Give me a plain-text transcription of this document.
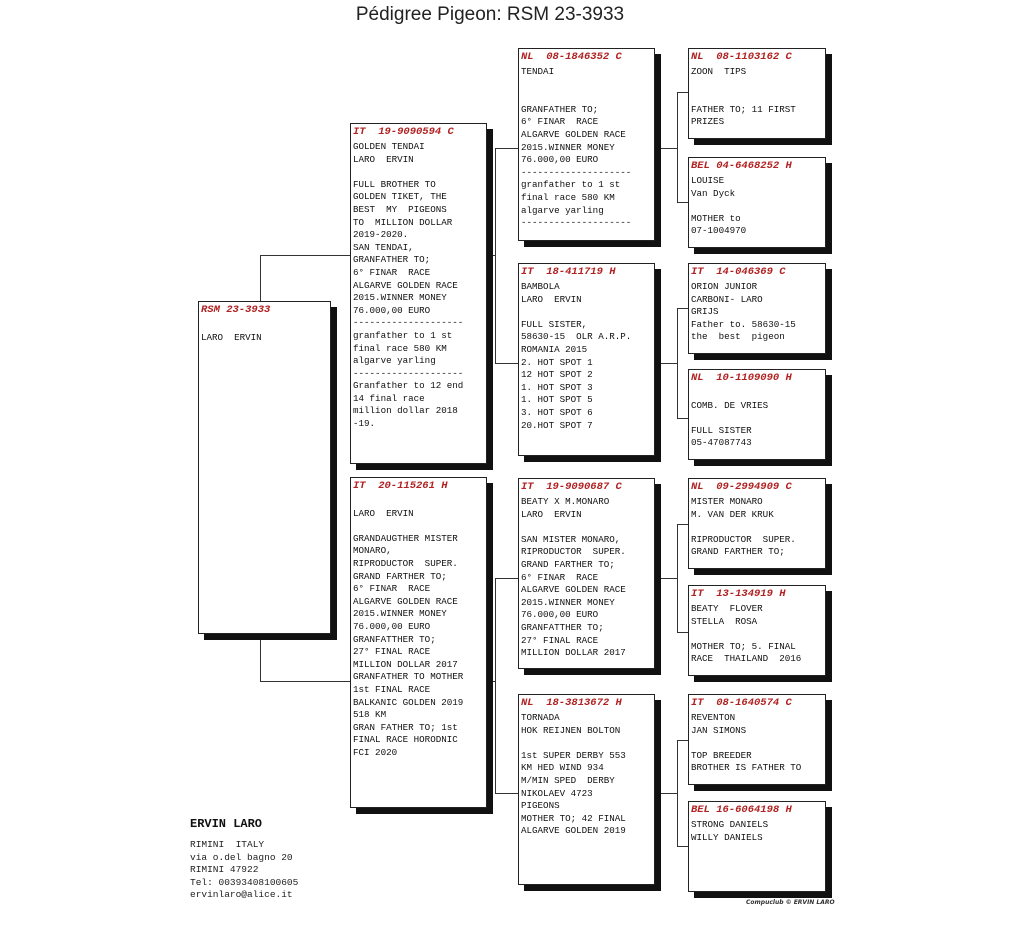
Pédigree Pigeon: RSM 23-3933
RSM 23-3933

LARO  ERVIN
IT  19-9090594 C
GOLDEN TENDAI
LARO  ERVIN

FULL BROTHER TO
GOLDEN TIKET, THE
BEST  MY  PIGEONS
TO  MILLION DOLLAR
2019-2020.
SAN TENDAI,
GRANFATHER TO;
6° FINAR  RACE
ALGARVE GOLDEN RACE
2015.WINNER MONEY
76.000,00 EURO
--------------------
granfather to 1 st
final race 580 KM
algarve yarling
--------------------
Granfather to 12 end
14 final race
million dollar 2018
-19.
IT  20-115261 H

LARO  ERVIN

GRANDAUGTHER MISTER
MONARO,
RIPRODUCTOR  SUPER.
GRAND FARTHER TO;
6° FINAR  RACE
ALGARVE GOLDEN RACE
2015.WINNER MONEY
76.000,00 EURO
GRANFATTHER TO;
27° FINAL RACE
MILLION DOLLAR 2017
GRANFATHER TO MOTHER
1st FINAL RACE
BALKANIC GOLDEN 2019
518 KM
GRAN FATHER TO; 1st
FINAL RACE HORODNIC
FCI 2020
NL  08-1846352 C
TENDAI

GRANFATHER TO;
6° FINAR  RACE
ALGARVE GOLDEN RACE
2015.WINNER MONEY
76.000,00 EURO
--------------------
granfather to 1 st
final race 580 KM
algarve yarling
--------------------
IT  18-411719 H
BAMBOLA
LARO  ERVIN

FULL SISTER,
58630-15  OLR A.R.P.
ROMANIA 2015
2. HOT SPOT 1
12 HOT SPOT 2
1. HOT SPOT 3
1. HOT SPOT 5
3. HOT SPOT 6
20.HOT SPOT 7
IT  19-9090687 C
BEATY X M.MONARO
LARO  ERVIN

SAN MISTER MONARO,
RIPRODUCTOR  SUPER.
GRAND FARTHER TO;
6° FINAR  RACE
ALGARVE GOLDEN RACE
2015.WINNER MONEY
76.000,00 EURO
GRANFATTHER TO;
27° FINAL RACE
MILLION DOLLAR 2017
NL  18-3813672 H
TORNADA
HOK REIJNEN BOLTON

1st SUPER DERBY 553
KM HED WIND 934
M/MIN SPED  DERBY
NIKOLAEV 4723
PIGEONS
MOTHER TO; 42 FINAL
ALGARVE GOLDEN 2019
NL  08-1103162 C
ZOON  TIPS

FATHER TO; 11 FIRST
PRIZES
BEL 04-6468252 H
LOUISE
Van Dyck

MOTHER to
07-1004970
IT  14-046369 C
ORION JUNIOR
CARBONI- LARO
GRIJS
Father to. 58630-15
the  best  pigeon
NL  10-1109090 H

COMB. DE VRIES

FULL SISTER
05-47087743
NL  09-2994909 C
MISTER MONARO
M. VAN DER KRUK

RIPRODUCTOR  SUPER.
GRAND FARTHER TO;
IT  13-134919 H
BEATY  FLOVER
STELLA  ROSA

MOTHER TO; 5. FINAL
RACE  THAILAND  2016
IT  08-1640574 C
REVENTON
JAN SIMONS

TOP BREEDER
BROTHER IS FATHER TO
BEL 16-6064198 H
STRONG DANIELS
WILLY DANIELS
ERVIN LARO
RIMINI  ITALY
via o.del bagno 20
RIMINI 47922
Tel: 00393408100605
ervinlaro@alice.it
Compuclub © ERVIN LARO
